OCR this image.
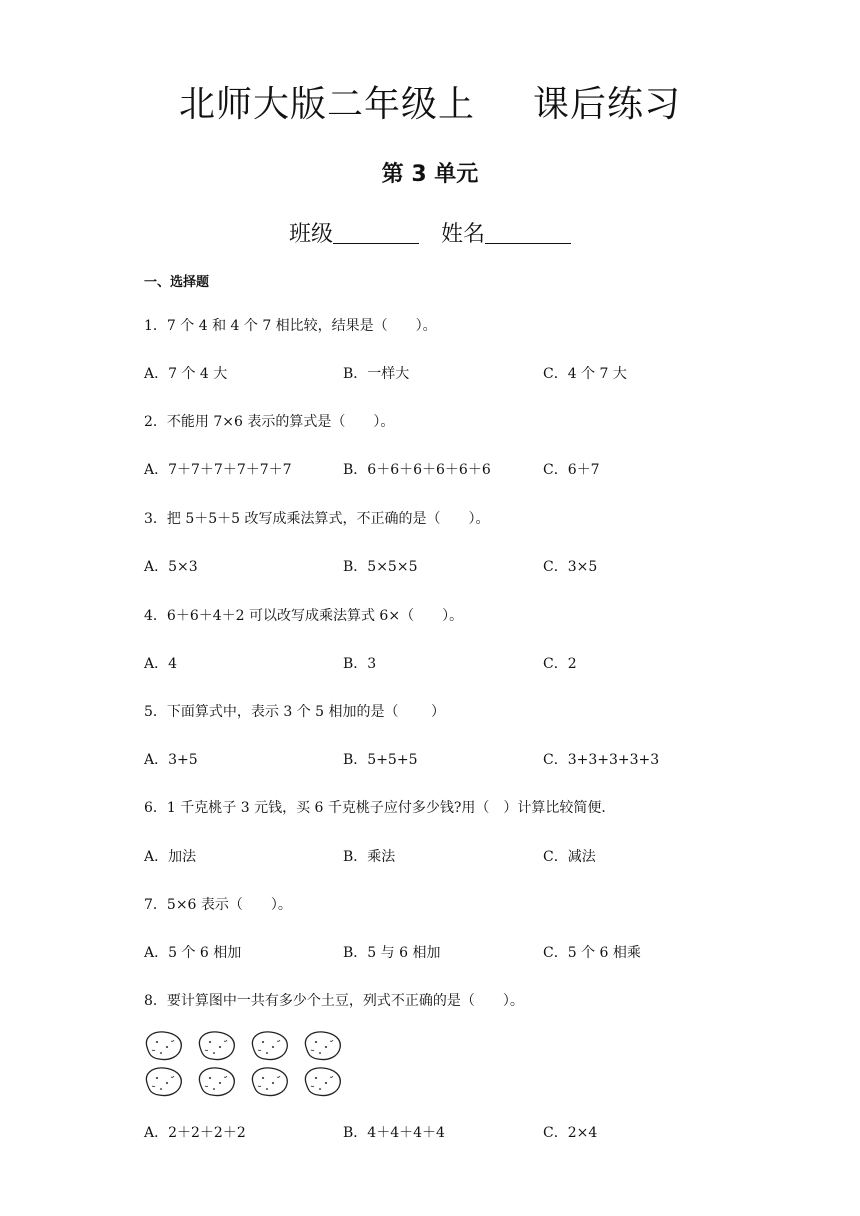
北师大版二年级上 课后练习
第 3 单元
班级	姓名
一、选择题
1．7 个 4 和 4 个 7 相比较，结果是（　　）。
A．7 个 4 大	B．一样大	C．4 个 7 大
2．不能用 7×6 表示的算式是（　　）。
A．7＋7＋7＋7＋7＋7	B．6＋6＋6＋6＋6＋6	C．6＋7
3．把 5＋5＋5 改写成乘法算式，不正确的是（　　）。
A．5×3	B．5×5×5	C．3×5
4．6＋6＋4＋2 可以改写成乘法算式 6×（　　）。
A．4	B．3	C．2
5．下面算式中，表示 3 个 5 相加的是（　　 ）
A．3+5	B．5+5+5	C．3+3+3+3+3
6．1 千克桃子 3 元钱，买 6 千克桃子应付多少钱?用（　）计算比较简便．
A．加法	B．乘法	C．减法
7．5×6 表示（　　）。
A．5 个 6 相加	B．5 与 6 相加	C．5 个 6 相乘
8．要计算图中一共有多少个土豆，列式不正确的是（　　）。
A．2＋2＋2＋2	B．4＋4＋4＋4	C．2×4
